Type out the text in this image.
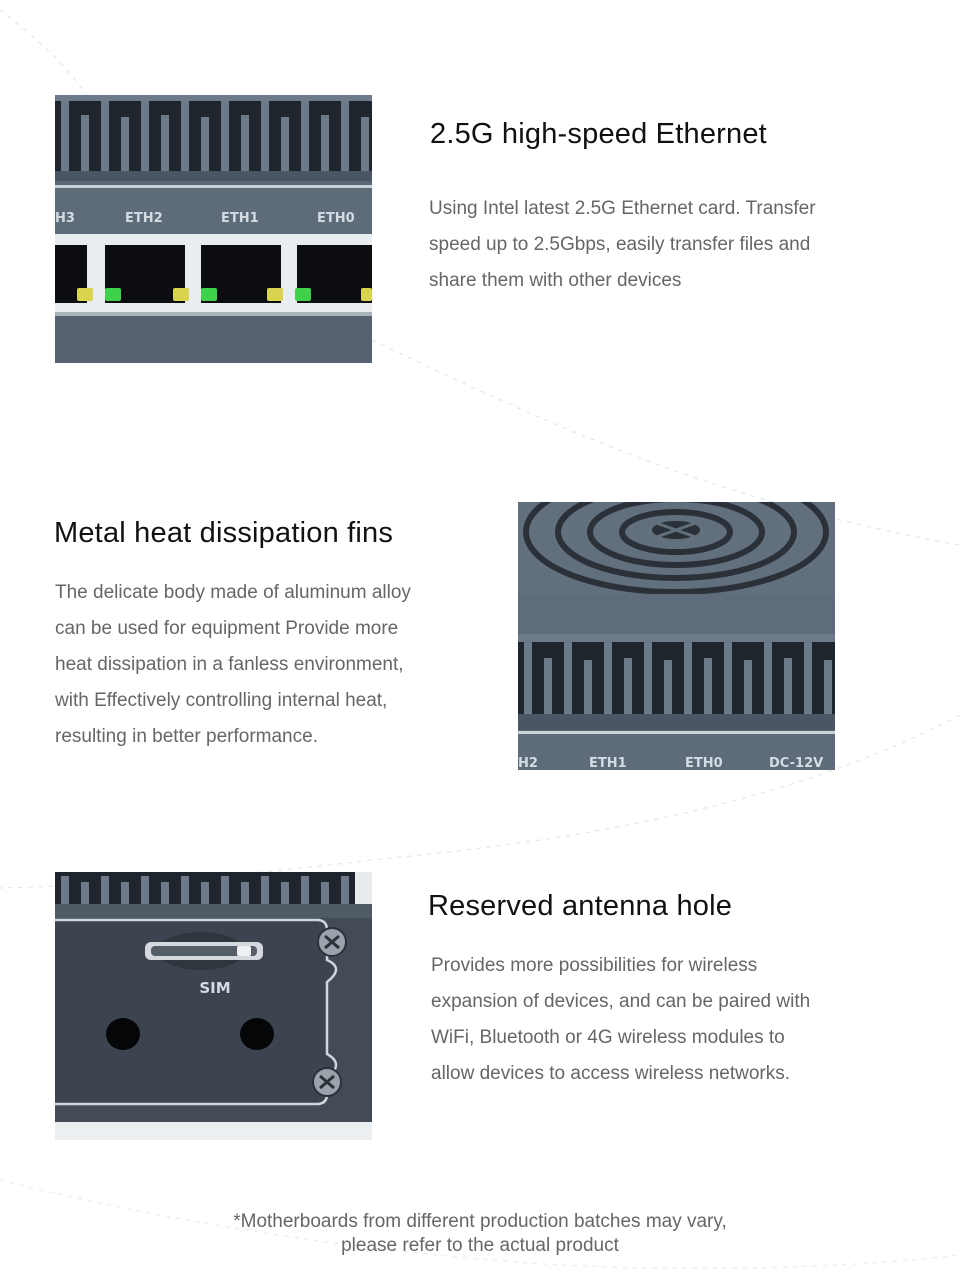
H3	ETH2	ETH1	ETH0
2.5G high-speed Ethernet

Using Intel latest 2.5G Ethernet card. Transfer
speed up to 2.5Gbps, easily transfer files and
share them with other devices

Metal heat dissipation fins

The delicate body made of aluminum alloy
can be used for equipment Provide more
heat dissipation in a fanless environment,
with Effectively controlling internal heat,
resulting in better performance.

H2	ETH1	ETH0	DC-12V
SIM
Reserved antenna hole

Provides more possibilities for wireless
expansion of devices, and can be paired with
WiFi, Bluetooth or 4G wireless modules to
allow devices to access wireless networks.

*Motherboards from different production batches may vary,
please refer to the actual product
